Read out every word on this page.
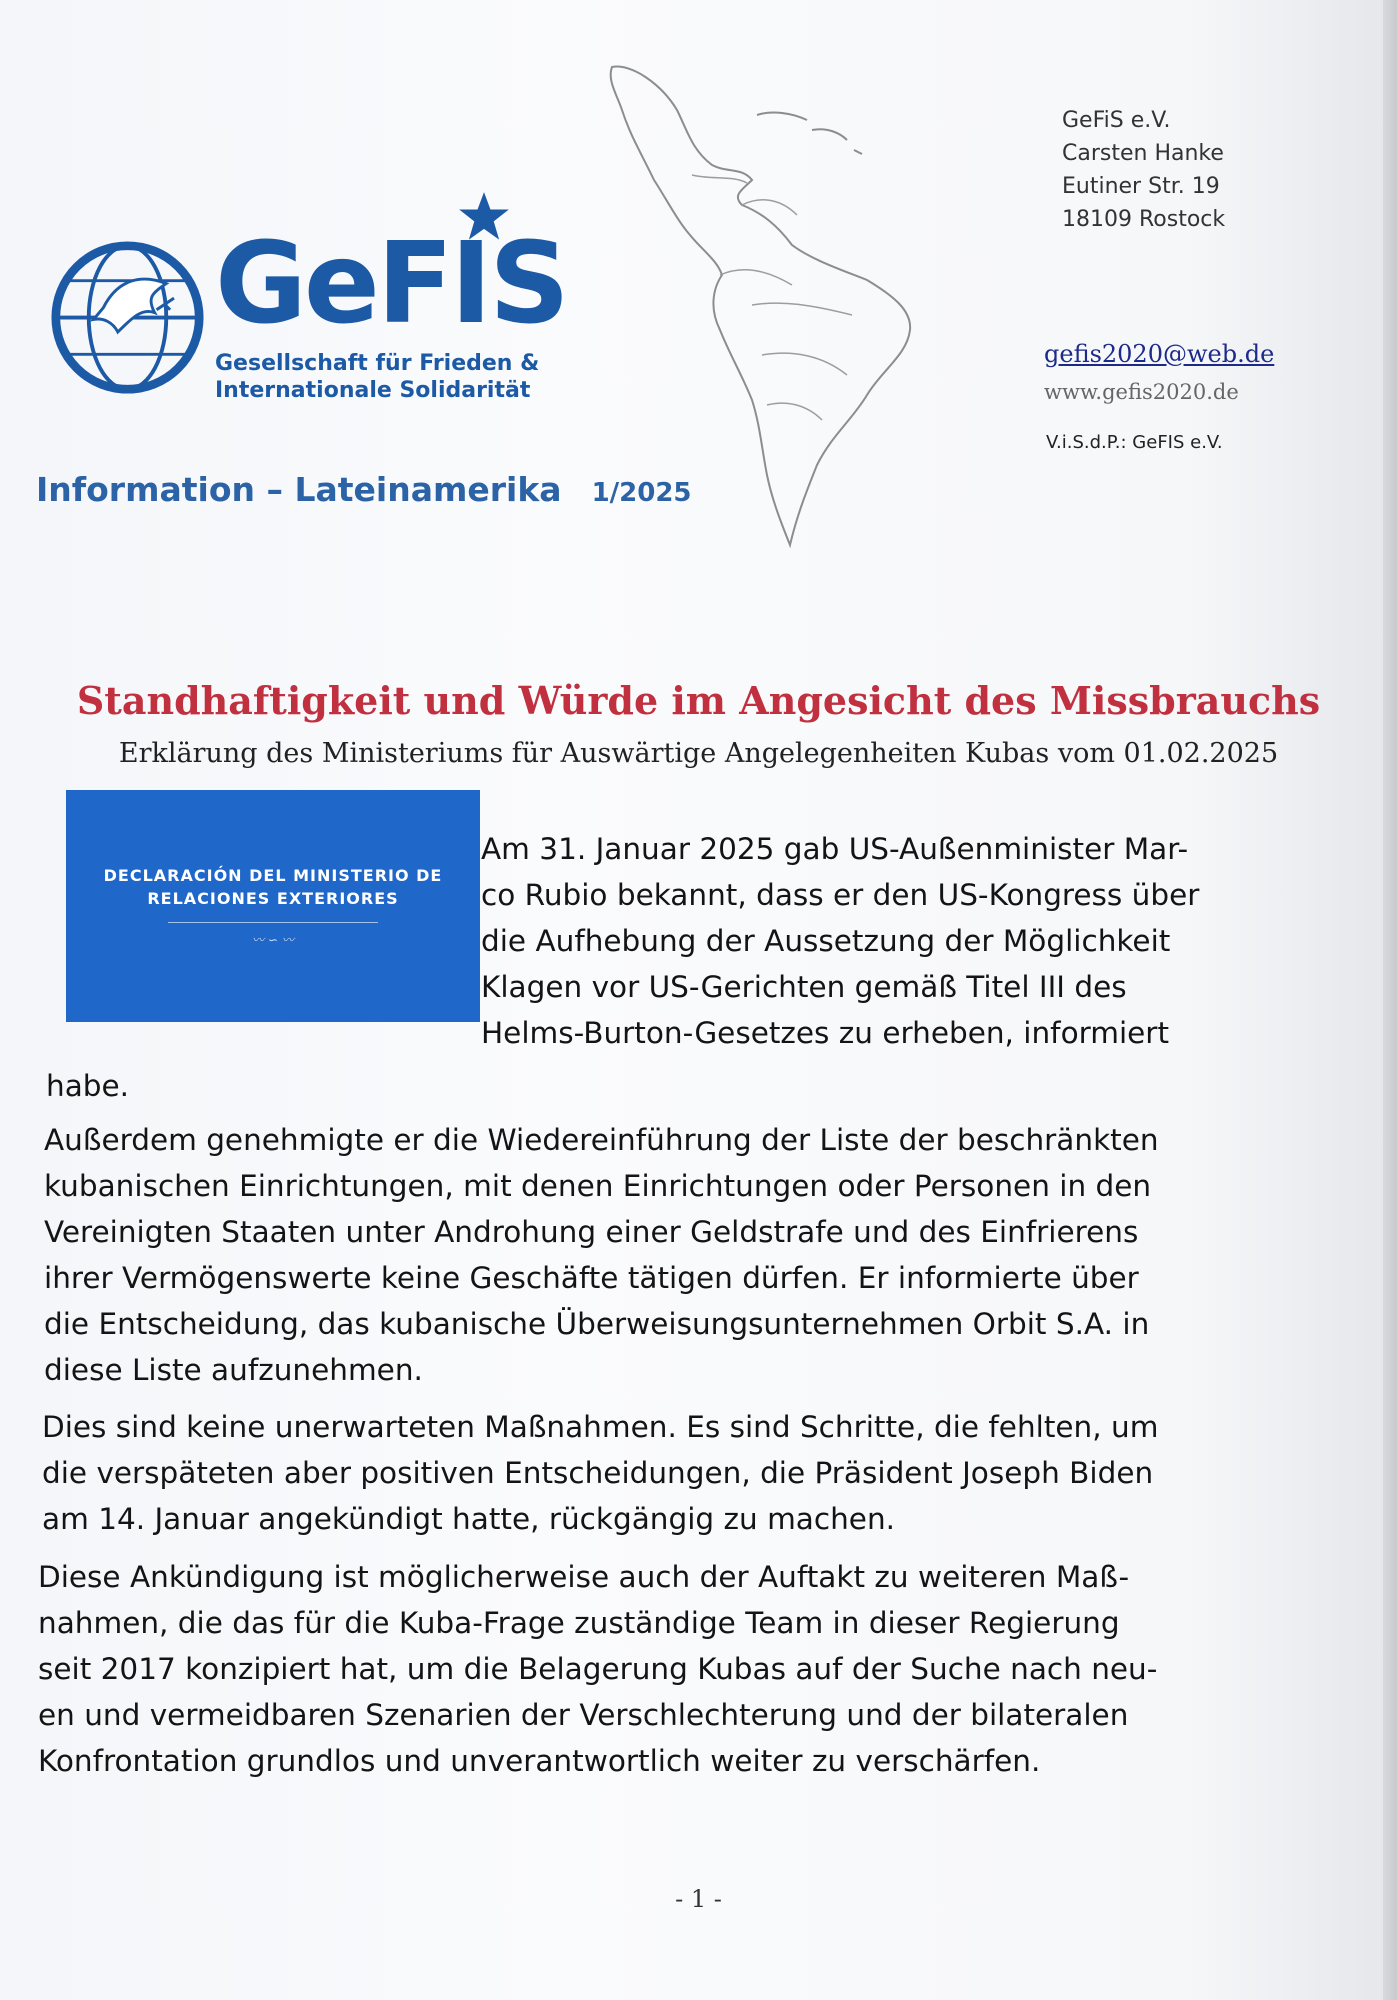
GeFIS
Gesellschaft für Frieden &
Internationale Solidarität
Information – Lateinamerika 1/2025
GeFiS e.V.
Carsten Hanke
Eutiner Str. 19
18109 Rostock
gefis2020@web.de
www.gefis2020.de
V.i.S.d.P.: GeFIS e.V.
Standhaftigkeit und Würde im Angesicht des Missbrauchs
Erklärung des Ministeriums für Auswärtige Angelegenheiten Kubas vom 01.02.2025
DECLARACIÓN DEL MINISTERIO DE
RELACIONES EXTERIORES
〰 ∽ 〰
Am 31. Januar 2025 gab US-Außenminister Mar-
co Rubio bekannt, dass er den US-Kongress über
die Aufhebung der Aussetzung der Möglichkeit
Klagen vor US-Gerichten gemäß Titel III des
Helms-Burton-Gesetzes zu erheben, informiert
habe.
Außerdem genehmigte er die Wiedereinführung der Liste der beschränkten
kubanischen Einrichtungen, mit denen Einrichtungen oder Personen in den
Vereinigten Staaten unter Androhung einer Geldstrafe und des Einfrierens
ihrer Vermögenswerte keine Geschäfte tätigen dürfen. Er informierte über
die Entscheidung, das kubanische Überweisungsunternehmen Orbit S.A. in
diese Liste aufzunehmen.
Dies sind keine unerwarteten Maßnahmen. Es sind Schritte, die fehlten, um
die verspäteten aber positiven Entscheidungen, die Präsident Joseph Biden
am 14. Januar angekündigt hatte, rückgängig zu machen.
Diese Ankündigung ist möglicherweise auch der Auftakt zu weiteren Maß-
nahmen, die das für die Kuba-Frage zuständige Team in dieser Regierung
seit 2017 konzipiert hat, um die Belagerung Kubas auf der Suche nach neu-
en und vermeidbaren Szenarien der Verschlechterung und der bilateralen
Konfrontation grundlos und unverantwortlich weiter zu verschärfen.
- 1 -
